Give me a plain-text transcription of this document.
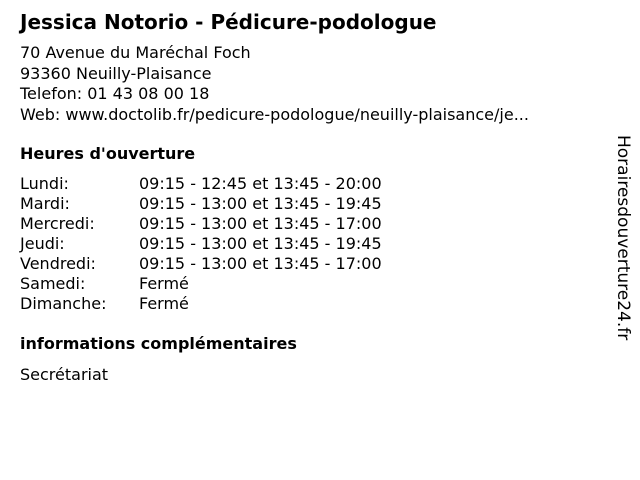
Jessica Notorio - Pédicure-podologue
70 Avenue du Maréchal Foch
93360 Neuilly-Plaisance
Telefon: 01 43 08 00 18
Web: www.doctolib.fr/pedicure-podologue/neuilly-plaisance/je...
Heures d'ouverture
Lundi:	09:15 - 12:45 et 13:45 - 20:00
Mardi:	09:15 - 13:00 et 13:45 - 19:45
Mercredi:	09:15 - 13:00 et 13:45 - 17:00
Jeudi:	09:15 - 13:00 et 13:45 - 19:45
Vendredi:	09:15 - 13:00 et 13:45 - 17:00
Samedi:	Fermé
Dimanche:	Fermé
informations complémentaires
Secrétariat
Horairesdouverture24.fr
